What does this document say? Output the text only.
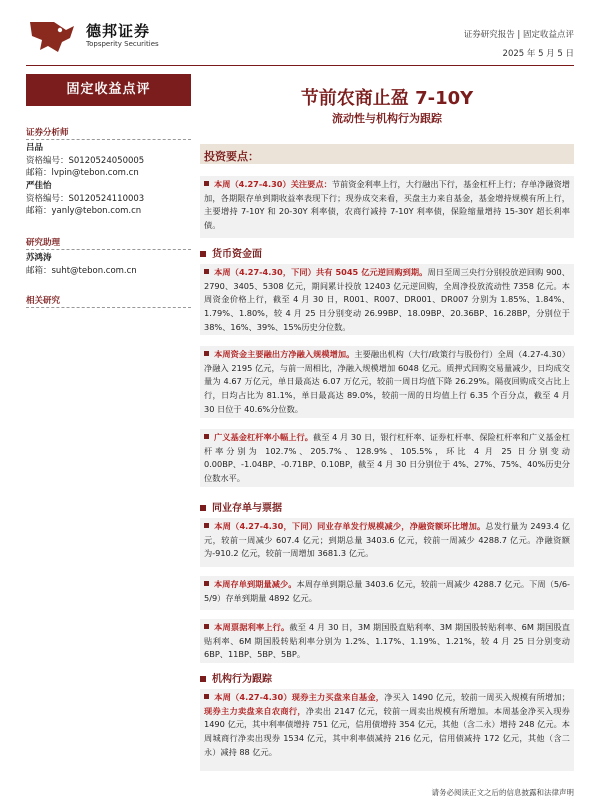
德邦证券
Topsperity Securities
证券研究报告 | 固定收益点评
2025 年 5 月 5 日
固定收益点评
证券分析师
吕品
资格编号：S0120524050005
邮箱：lvpin@tebon.com.cn
严佳怡
资格编号：S0120524110003
邮箱：yanly@tebon.com.cn
研究助理
苏鸿涛
邮箱：suht@tebon.com.cn
相关研究
节前农商止盈 7-10Y
流动性与机构行为跟踪
投资要点：
本周（4.27-4.30）关注要点：节前资金利率上行，大行融出下行，基金杠杆上行；存单净融资增加，各期限存单到期收益率表现下行；现券成交来看，买盘主力来自基金，基金增持规模有所上行，主要增持 7-10Y 和 20-30Y 利率债，农商行减持 7-10Y 利率债，保险缩量增持 15-30Y 超长利率债。
货币资金面
本周（4.27-4.30，下同）共有 5045 亿元逆回购到期。周日至周三央行分别投放逆回购 900、2790、3405、5308 亿元，期间累计投放 12403 亿元逆回购，全周净投放流动性 7358 亿元。本周资金价格上行，截至 4 月 30 日，R001、R007、DR001、DR007 分别为 1.85%、1.84%、1.79%、1.80%，较 4 月 25 日分别变动 26.99BP、18.09BP、20.36BP、16.28BP，分别位于 38%、16%、39%、15%历史分位数。
本周资金主要融出方净融入规模增加。主要融出机构（大行/政策行与股份行）全周（4.27-4.30）净融入 2195 亿元，与前一周相比，净融入规模增加 6048 亿元。质押式回购交易量减少，日均成交量为 4.67 万亿元，单日最高达 6.07 万亿元，较前一周日均值下降 26.29%。隔夜回购成交占比上行，日均占比为 81.1%，单日最高达 89.0%，较前一周的日均值上行 6.35 个百分点，截至 4 月 30 日位于 40.6%分位数。
广义基金杠杆率小幅上行。截至 4 月 30 日，银行杠杆率、证券杠杆率、保险杠杆率和广义基金杠杆率分别为 102.7%、205.7%、128.9%、105.5%，环比 4 月 25 日分别变动 0.00BP、-1.04BP、-0.71BP、0.10BP，截至 4 月 30 日分别位于 4%、27%、75%、40%历史分位数水平。
同业存单与票据
本周（4.27-4.30，下同）同业存单发行规模减少，净融资额环比增加。总发行量为 2493.4 亿元，较前一周减少 607.4 亿元；到期总量 3403.6 亿元，较前一周减少 4288.7 亿元。净融资额为-910.2 亿元，较前一周增加 3681.3 亿元。
本周存单到期量减少。本周存单到期总量 3403.6 亿元，较前一周减少 4288.7 亿元。下周（5/6-5/9）存单到期量 4892 亿元。
本周票据利率上行。截至 4 月 30 日，3M 期国股直贴利率、3M 期国股转贴利率、6M 期国股直贴利率、6M 期国股转贴利率分别为 1.2%、1.17%、1.19%、1.21%，较 4 月 25 日分别变动 6BP、11BP、5BP、5BP。
机构行为跟踪
本周（4.27-4.30）现券主力买盘来自基金，净买入 1490 亿元，较前一周买入规模有所增加；现券主力卖盘来自农商行，净卖出 2147 亿元，较前一周卖出规模有所增加。本周基金净买入现券 1490 亿元，其中利率债增持 751 亿元，信用债增持 354 亿元，其他（含二永）增持 248 亿元。本周城商行净卖出现券 1534 亿元，其中利率债减持 216 亿元，信用债减持 172 亿元，其他（含二永）减持 88 亿元。
请务必阅读正文之后的信息披露和法律声明
